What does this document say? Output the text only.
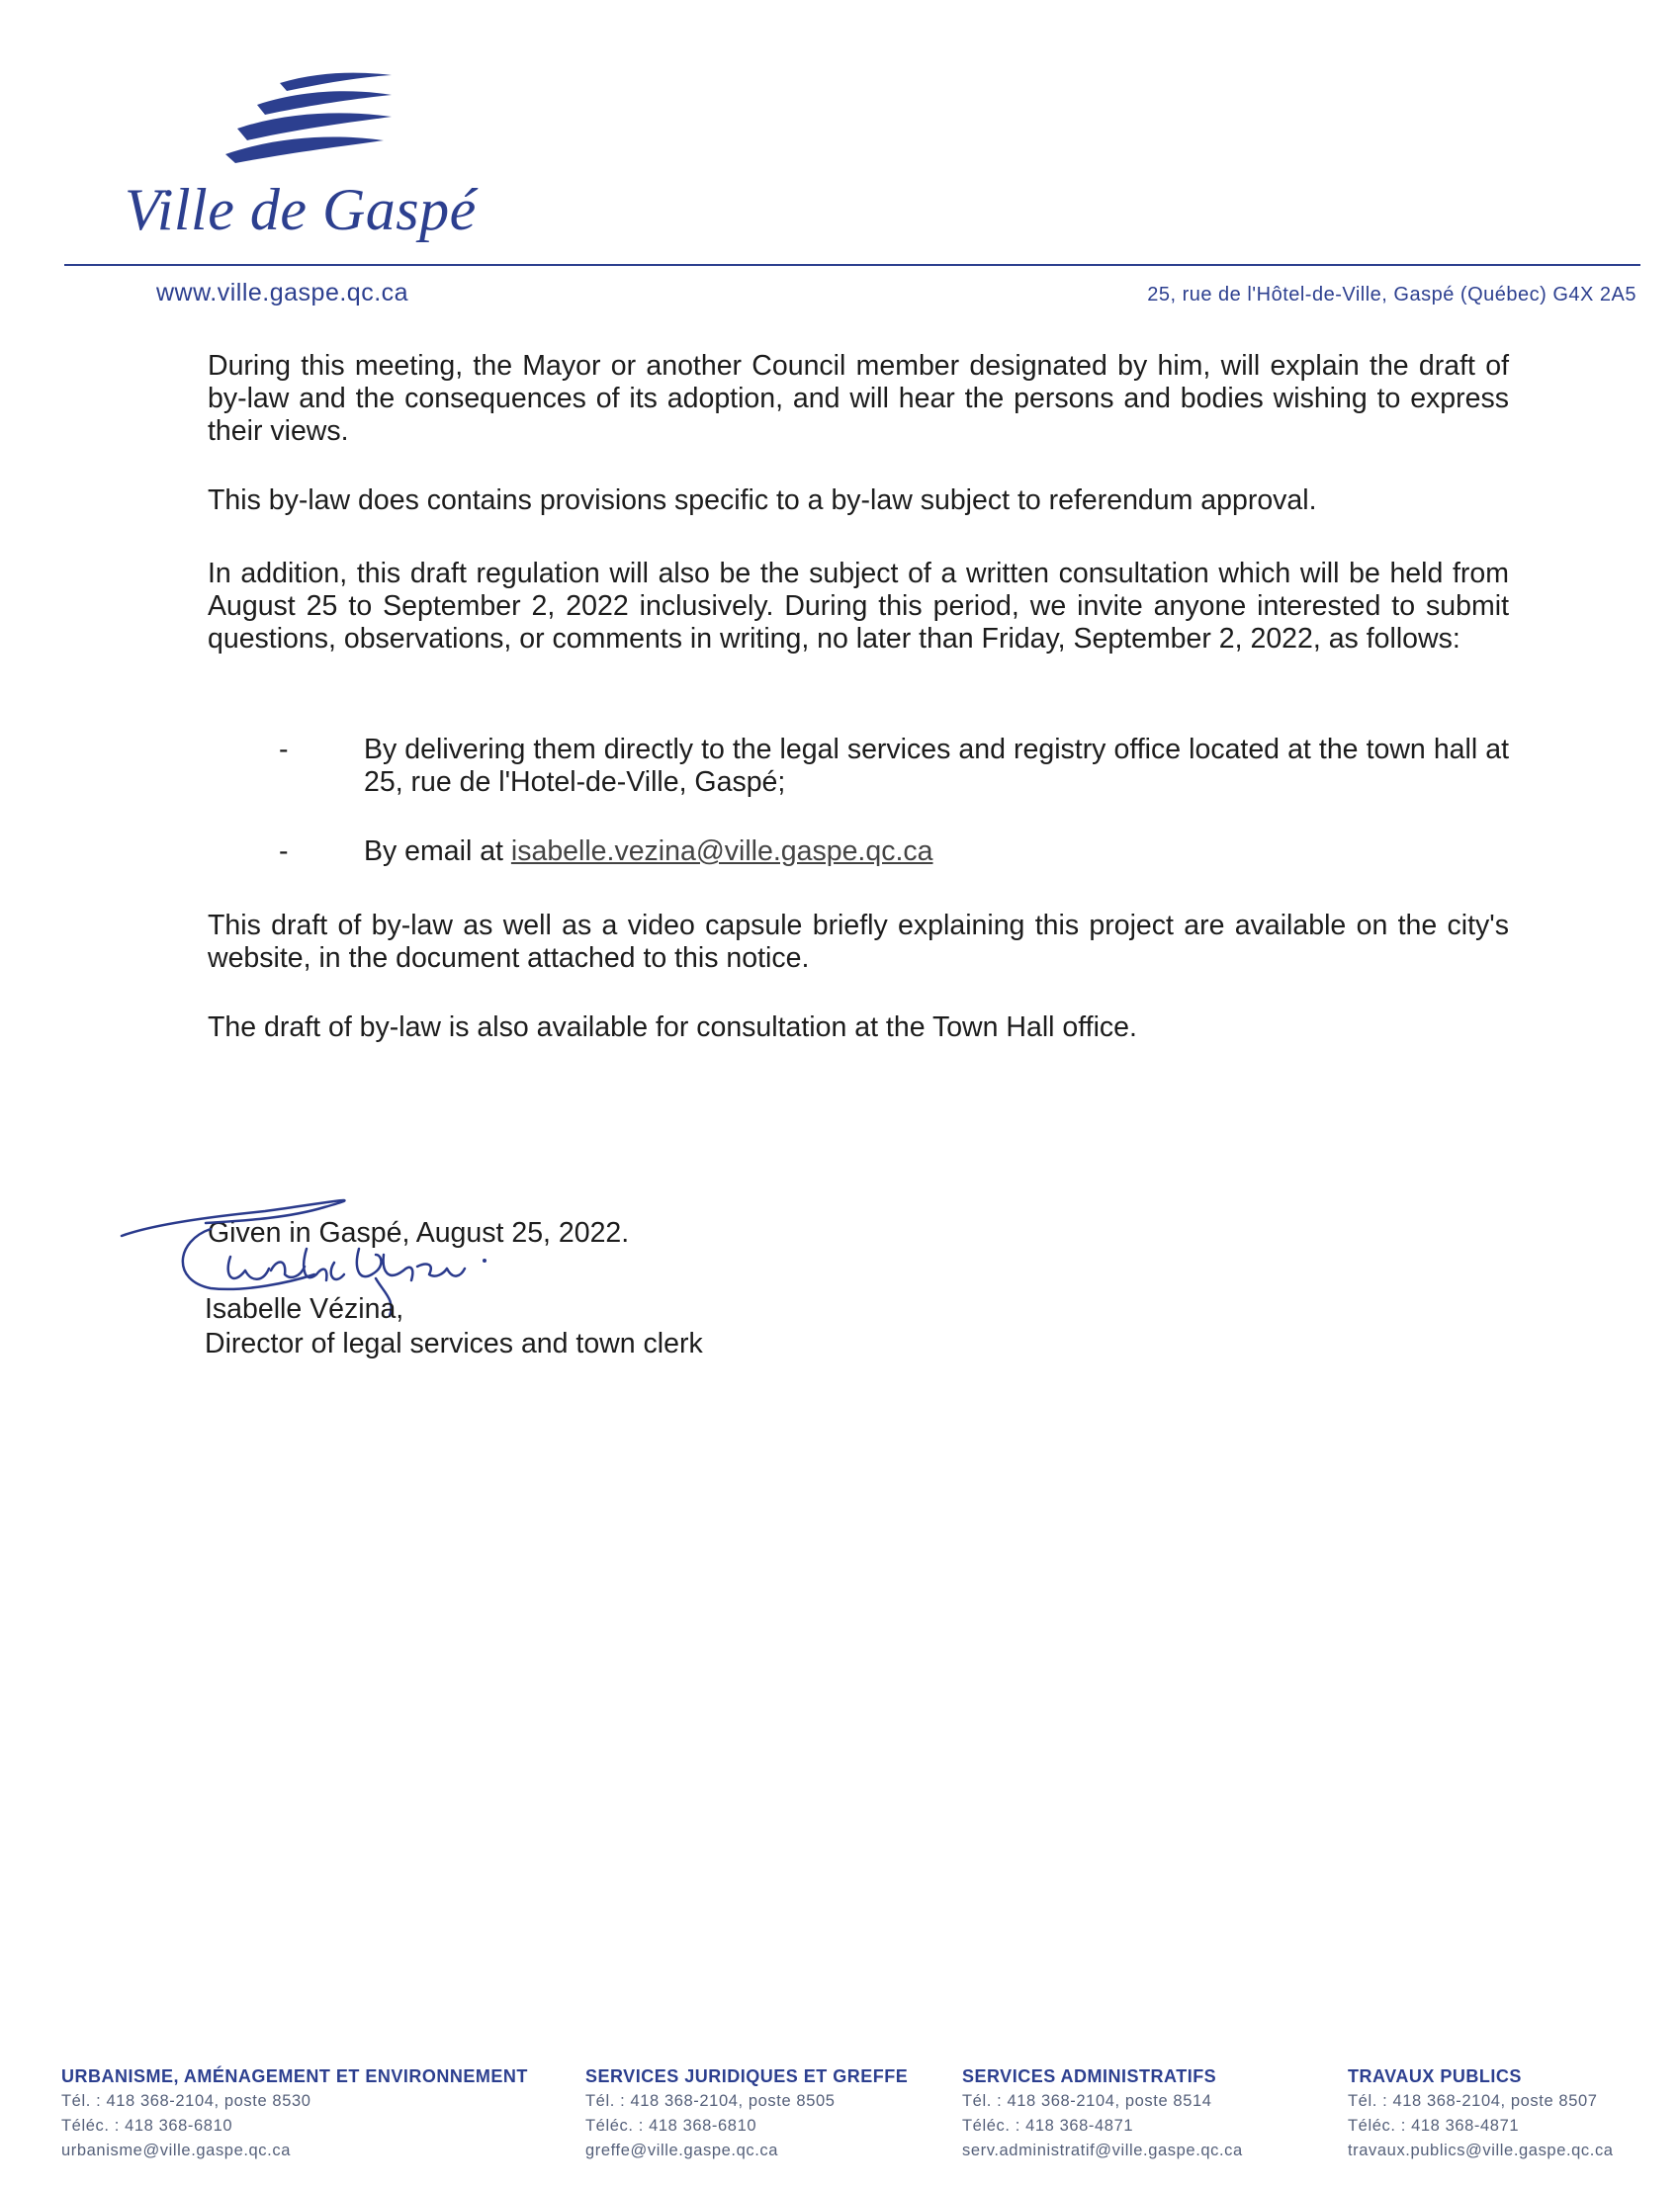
Ville de Gaspé
www.ville.gaspe.qc.ca	25, rue de l'Hôtel-de-Ville, Gaspé (Québec) G4X 2A5
During this meeting, the Mayor or another Council member designated by him, will explain the draft of by-law and the consequences of its adoption, and will hear the persons and bodies wishing to express their views.
This by-law does contains provisions specific to a by-law subject to referendum approval.
In addition, this draft regulation will also be the subject of a written consultation which will be held from August 25 to September 2, 2022 inclusively. During this period, we invite anyone interested to submit questions, observations, or comments in writing, no later than Friday, September 2, 2022, as follows:
-	By delivering them directly to the legal services and registry office located at the town hall at 25, rue de l'Hotel-de-Ville, Gaspé;
-	By email at isabelle.vezina@ville.gaspe.qc.ca
This draft of by-law as well as a video capsule briefly explaining this project are available on the city's website, in the document attached to this notice.
The draft of by-law is also available for consultation at the Town Hall office.
Given in Gaspé, August 25, 2022.
Isabelle Vézina,
Director of legal services and town clerk
URBANISME, AMÉNAGEMENT ET ENVIRONNEMENT
Tél. : 418 368-2104, poste 8530
Téléc. : 418 368-6810
urbanisme@ville.gaspe.qc.ca
SERVICES JURIDIQUES ET GREFFE
Tél. : 418 368-2104, poste 8505
Téléc. : 418 368-6810
greffe@ville.gaspe.qc.ca
SERVICES ADMINISTRATIFS
Tél. : 418 368-2104, poste 8514
Téléc. : 418 368-4871
serv.administratif@ville.gaspe.qc.ca
TRAVAUX PUBLICS
Tél. : 418 368-2104, poste 8507
Téléc. : 418 368-4871
travaux.publics@ville.gaspe.qc.ca
